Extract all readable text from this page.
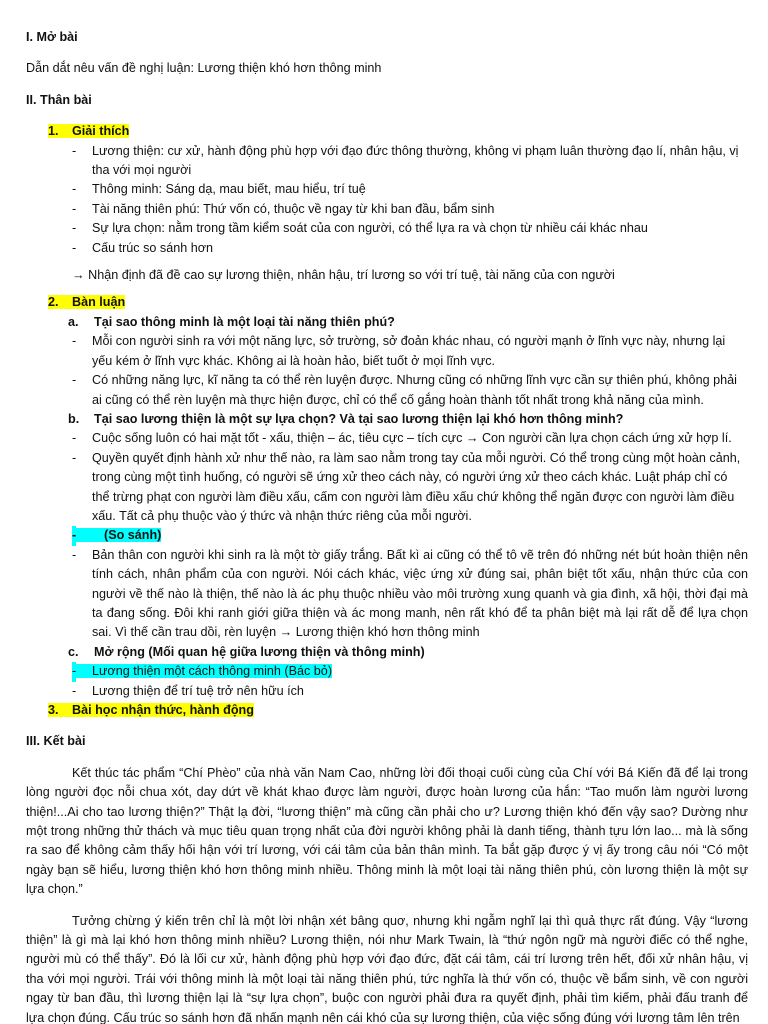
I. Mở bài

Dẫn dắt nêu vấn đề nghị luận: Lương thiện khó hơn thông minh

II. Thân bài

1. Giải thích

- Lương thiện: cư xử, hành động phù hợp với đạo đức thông thường, không vi phạm luân thường đạo lí, nhân hậu, vị tha với mọi người

- Thông minh: Sáng dạ, mau biết, mau hiểu, trí tuệ

- Tài năng thiên phú: Thứ vốn có, thuộc về ngay từ khi ban đầu, bẩm sinh

- Sự lựa chọn: nằm trong tầm kiểm soát của con người, có thể lựa ra và chọn từ nhiều cái khác nhau

- Cấu trúc so sánh hơn

→ Nhận định đã đề cao sự lương thiện, nhân hậu, trí lương so với trí tuệ, tài năng của con người

2. Bàn luận

a. Tại sao thông minh là một loại tài năng thiên phú?

- Mỗi con người sinh ra với một năng lực, sở trường, sở đoản khác nhau, có người mạnh ở lĩnh vực này, nhưng lại yếu kém ở lĩnh vực khác. Không ai là hoàn hảo, biết tuốt ở mọi lĩnh vực.

- Có những năng lực, kĩ năng ta có thể rèn luyện được. Nhưng cũng có những lĩnh vực cần sự thiên phú, không phải ai cũng có thể rèn luyện mà thực hiện được, chỉ có thể cố gắng hoàn thành tốt nhất trong khả năng của mình.

b. Tại sao lương thiện là một sự lựa chọn? Và tại sao lương thiện lại khó hơn thông minh?

- Cuộc sống luôn có hai mặt tốt - xấu, thiện – ác, tiêu cực – tích cực → Con người cần lựa chọn cách ứng xử hợp lí.

- Quyền quyết định hành xử như thế nào, ra làm sao nằm trong tay của mỗi người. Có thể trong cùng một hoàn cảnh, trong cùng một tình huống, có người sẽ ứng xử theo cách này, có người ứng xử theo cách khác. Luật pháp chỉ có thể trừng phạt con người làm điều xấu, cấm con người làm điều xấu chứ không thể ngăn được con người làm điều xấu. Tất cả phụ thuộc vào ý thức và nhận thức riêng của mỗi người.

- (So sánh)

- Bản thân con người khi sinh ra là một tờ giấy trắng. Bất kì ai cũng có thể tô vẽ trên đó những nét bút hoàn thiện nên tính cách, nhân phẩm của con người. Nói cách khác, việc ứng xử đúng sai, phân biệt tốt xấu, nhận thức của con người về thế nào là thiện, thế nào là ác phụ thuộc nhiều vào môi trường xung quanh và gia đình, xã hội, thời đại mà ta đang sống. Đôi khi ranh giới giữa thiện và ác mong manh, nên rất khó để ta phân biệt mà lại rất dễ để lựa chọn sai. Vì thế cần trau dồi, rèn luyện → Lương thiện khó hơn thông minh

c. Mở rộng (Mối quan hệ giữa lương thiện và thông minh)

- Lương thiện một cách thông minh (Bác bỏ)

- Lương thiện để trí tuệ trở nên hữu ích

3. Bài học nhận thức, hành động

III. Kết bài

Kết thúc tác phẩm “Chí Phèo” của nhà văn Nam Cao, những lời đối thoại cuối cùng của Chí với Bá Kiến đã để lại trong lòng người đọc nỗi chua xót, day dứt về khát khao được làm người, được hoàn lương của hắn: “Tao muốn làm người lương thiện!...Ai cho tao lương thiện?” Thật lạ đời, “lương thiện” mà cũng cần phải cho ư? Lương thiện khó đến vậy sao? Dường như một trong những thử thách và mục tiêu quan trọng nhất của đời người không phải là danh tiếng, thành tựu lớn lao... mà là sống ra sao để không cảm thấy hối hận với trí lương, với cái tâm của bản thân mình. Ta bắt gặp được ý vị ấy trong câu nói “Có một ngày bạn sẽ hiểu, lương thiện khó hơn thông minh nhiều. Thông minh là một loại tài năng thiên phú, còn lương thiện là một sự lựa chọn.”

Tưởng chừng ý kiến trên chỉ là một lời nhận xét bâng quơ, nhưng khi ngẫm nghĩ lại thì quả thực rất đúng. Vậy “lương thiện” là gì mà lại khó hơn thông minh nhiều? Lương thiện, nói như Mark Twain, là “thứ ngôn ngữ mà người điếc có thể nghe, người mù có thể thấy”. Đó là lối cư xử, hành động phù hợp với đạo đức, đặt cái tâm, cái trí lương trên hết, đối xử nhân hậu, vị tha với mọi người. Trái với thông minh là một loại tài năng thiên phú, tức nghĩa là thứ vốn có, thuộc về bẩm sinh, về con người ngay từ ban đầu, thì lương thiện lại là “sự lựa chọn”, buộc con người phải đưa ra quyết định, phải tìm kiếm, phải đấu tranh để lựa chọn đúng. Cấu trúc so sánh hơn đã nhấn mạnh nên cái khó của sự lương thiện, của việc sống đúng với lương tâm lên trên
